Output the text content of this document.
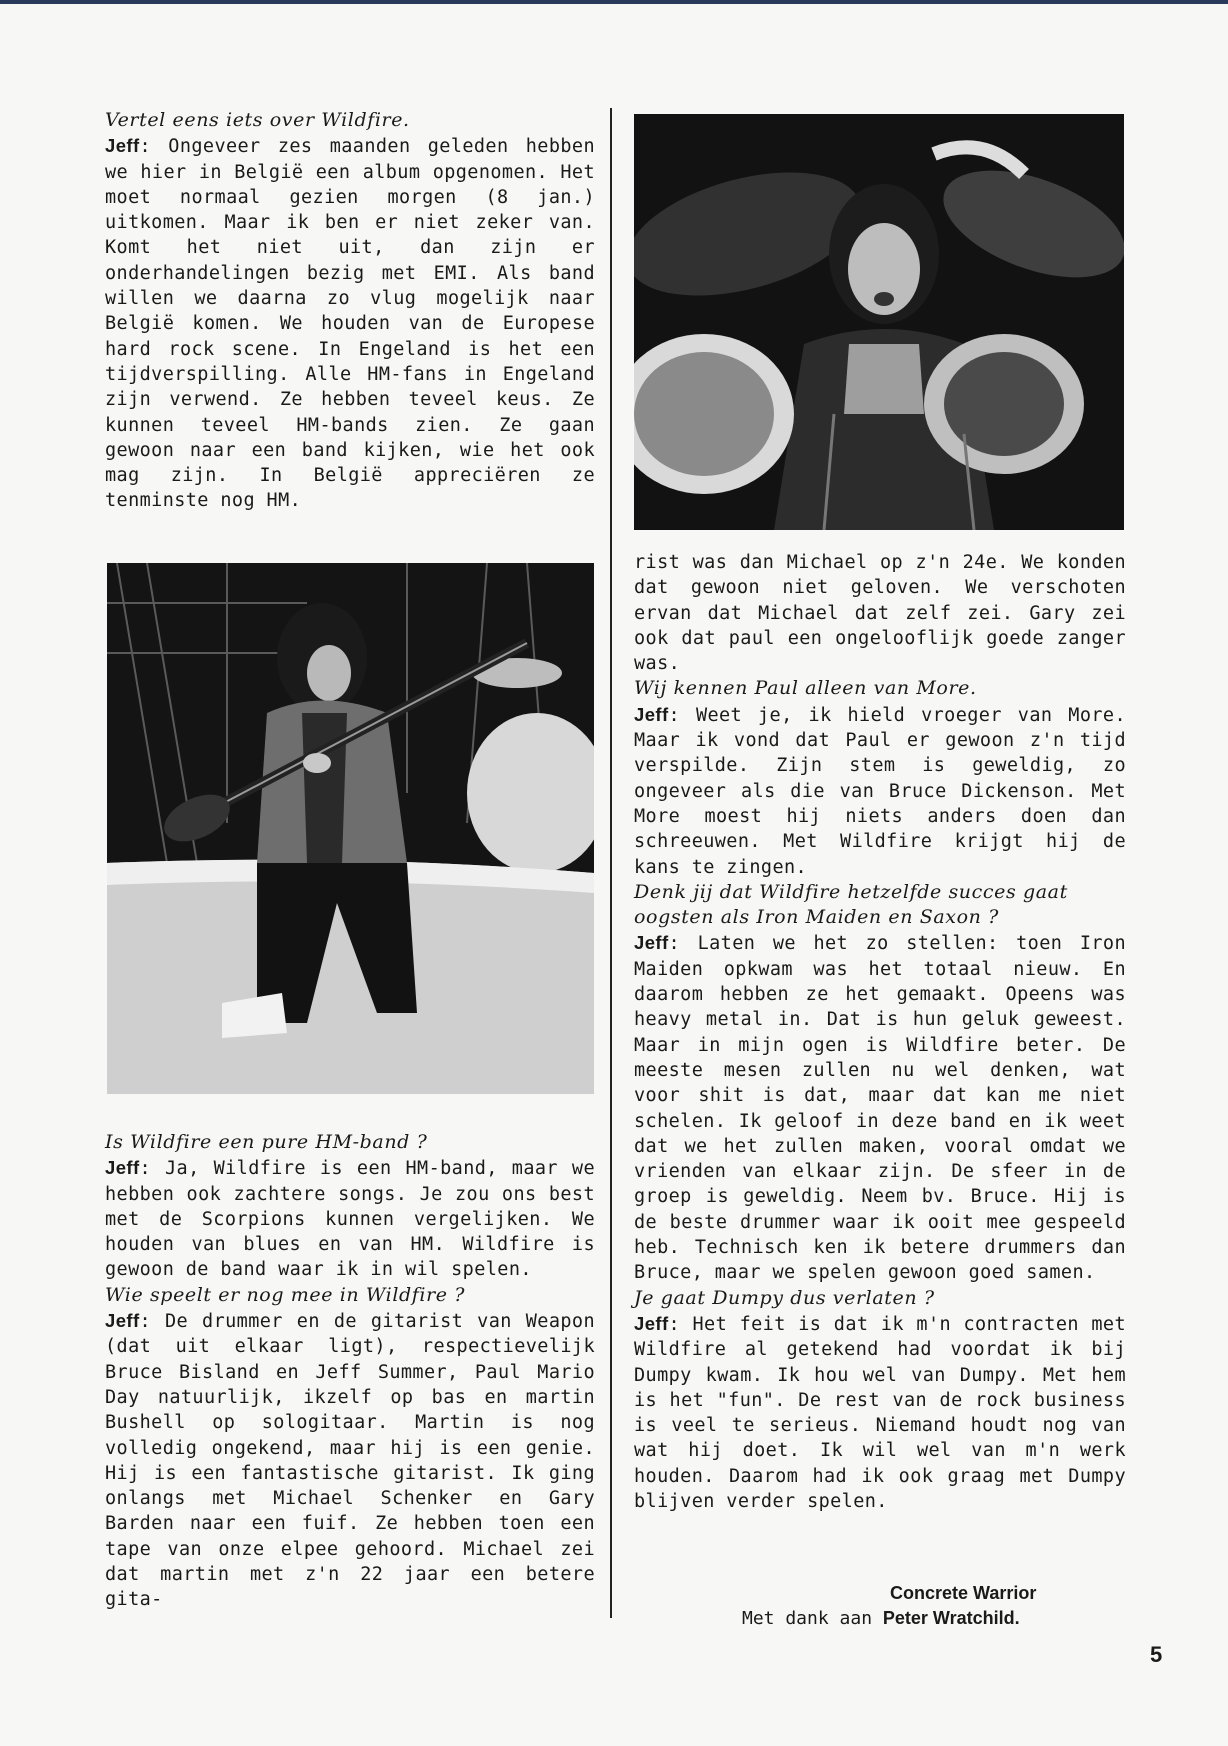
Vertel eens iets over Wildfire.

Jeff: Ongeveer zes maanden geleden hebben we hier in België een album opgenomen. Het moet normaal gezien morgen (8 jan.) uitkomen. Maar ik ben er niet zeker van. Komt het niet uit, dan zijn er onderhandelingen bezig met EMI. Als band willen we daarna zo vlug mogelijk naar België komen. We houden van de Europese hard rock scene. In Engeland is het een tijdverspilling. Alle HM-fans in Engeland zijn verwend. Ze hebben teveel keus. Ze kunnen teveel HM-bands zien. Ze gaan gewoon naar een band kijken, wie het ook mag zijn. In België appreciëren ze tenminste nog HM.

Is Wildfire een pure HM-band ?

Jeff: Ja, Wildfire is een HM-band, maar we hebben ook zachtere songs. Je zou ons best met de Scorpions kunnen vergelijken. We houden van blues en van HM. Wildfire is gewoon de band waar ik in wil spelen.

Wie speelt er nog mee in Wildfire ?

Jeff: De drummer en de gitarist van Weapon (dat uit elkaar ligt), respectievelijk Bruce Bisland en Jeff Summer, Paul Mario Day natuurlijk, ikzelf op bas en martin Bushell op sologitaar. Martin is nog volledig ongekend, maar hij is een genie. Hij is een fantastische gitarist. Ik ging onlangs met Michael Schenker en Gary Barden naar een fuif. Ze hebben toen een tape van onze elpee gehoord. Michael zei dat martin met z'n 22 jaar een betere gita-

rist was dan Michael op z'n 24e. We konden dat gewoon niet geloven. We verschoten ervan dat Michael dat zelf zei. Gary zei ook dat paul een ongelooflijk goede zanger was.

Wij kennen Paul alleen van More.

Jeff: Weet je, ik hield vroeger van More. Maar ik vond dat Paul er gewoon z'n tijd verspilde. Zijn stem is geweldig, zo ongeveer als die van Bruce Dickenson. Met More moest hij niets anders doen dan schreeuwen. Met Wildfire krijgt hij de kans te zingen.

Denk jij dat Wildfire hetzelfde succes gaat oogsten als Iron Maiden en Saxon ?

Jeff: Laten we het zo stellen: toen Iron Maiden opkwam was het totaal nieuw. En daarom hebben ze het gemaakt. Opeens was heavy metal in. Dat is hun geluk geweest. Maar in mijn ogen is Wildfire beter. De meeste mesen zullen nu wel denken, wat voor shit is dat, maar dat kan me niet schelen. Ik geloof in deze band en ik weet dat we het zullen maken, vooral omdat we vrienden van elkaar zijn. De sfeer in de groep is geweldig. Neem bv. Bruce. Hij is de beste drummer waar ik ooit mee gespeeld heb. Technisch ken ik betere drummers dan Bruce, maar we spelen gewoon goed samen.

Je gaat Dumpy dus verlaten ?

Jeff: Het feit is dat ik m'n contracten met Wildfire al getekend had voordat ik bij Dumpy kwam. Ik hou wel van Dumpy. Met hem is het "fun". De rest van de rock business is veel te serieus. Niemand houdt nog van wat hij doet. Ik wil wel van m'n werk houden. Daarom had ik ook graag met Dumpy blijven verder spelen.

Concrete Warrior
Met dank aan Peter Wratchild.
5
